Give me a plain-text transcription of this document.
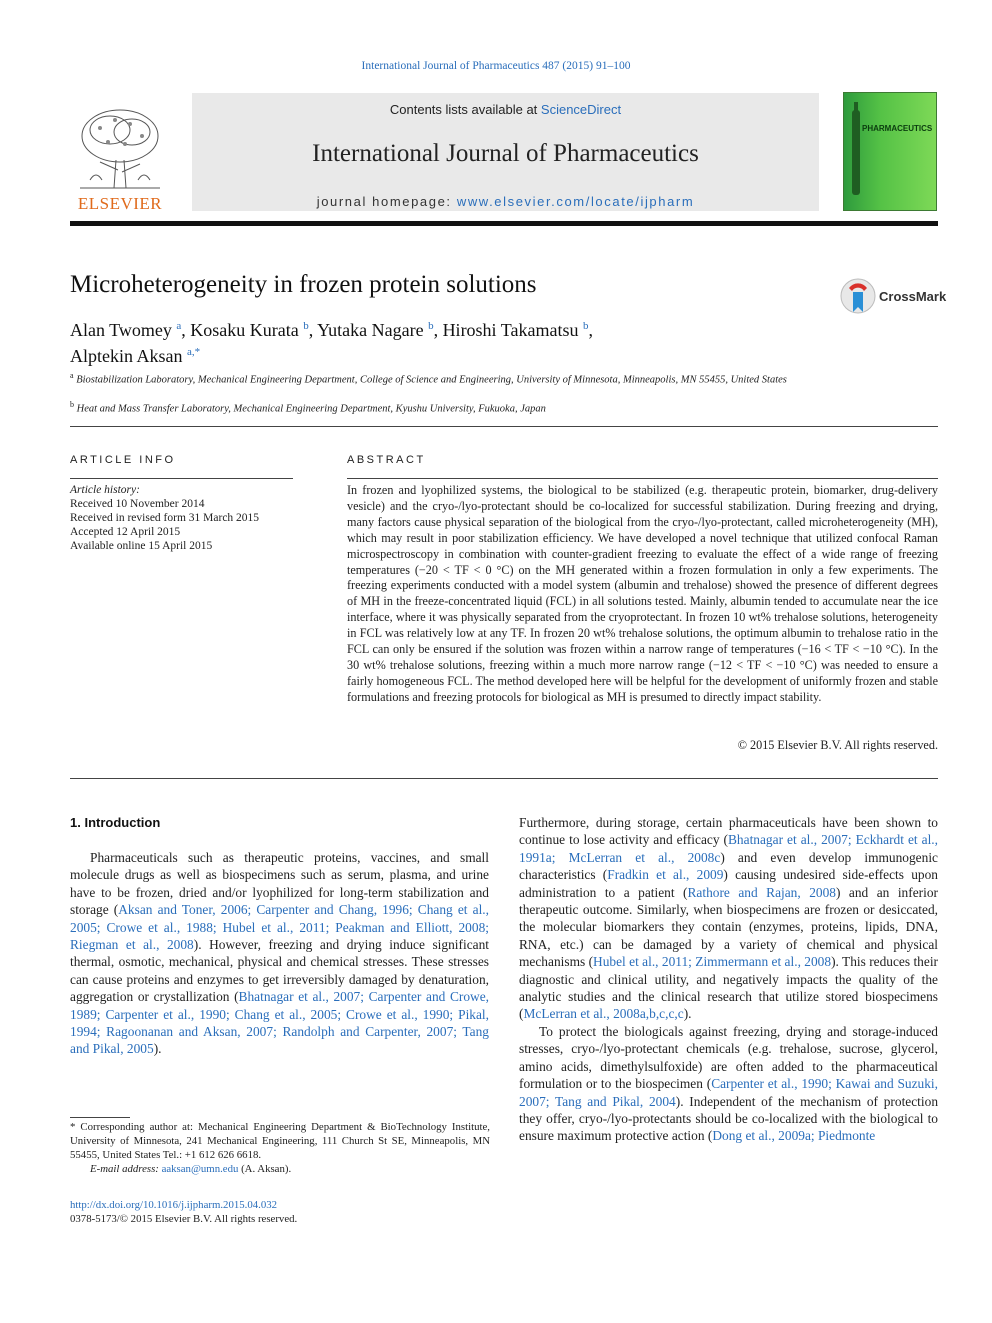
International Journal of Pharmaceutics 487 (2015) 91–100
ELSEVIER
Contents lists available at ScienceDirect
International Journal of Pharmaceutics
journal homepage: www.elsevier.com/locate/ijpharm
PHARMACEUTICS
Microheterogeneity in frozen protein solutions	CrossMark
Alan Twomey $^a$, Kosaku Kurata $^b$, Yutaka Nagare $^b$, Hiroshi Takamatsu $^b$,
Alptekin Aksan $^{a,*}$
$^a$ Biostabilization Laboratory, Mechanical Engineering Department, College of Science and Engineering, University of Minnesota, Minneapolis, MN 55455, United States
$^b$ Heat and Mass Transfer Laboratory, Mechanical Engineering Department, Kyushu University, Fukuoka, Japan
ARTICLE INFO
Article history:
Received 10 November 2014
Received in revised form 31 March 2015
Accepted 12 April 2015
Available online 15 April 2015
ABSTRACT
In frozen and lyophilized systems, the biological to be stabilized (e.g. therapeutic protein, biomarker, drug-delivery vesicle) and the cryo-/lyo-protectant should be co-localized for successful stabilization. During freezing and drying, many factors cause physical separation of the biological from the cryo-/lyo-protectant, called microheterogeneity (MH), which may result in poor stabilization efficiency. We have developed a novel technique that utilized confocal Raman microspectroscopy in combination with counter-gradient freezing to evaluate the effect of a wide range of freezing temperatures (−20 < TF < 0 °C) on the MH generated within a frozen formulation in only a few experiments. The freezing experiments conducted with a model system (albumin and trehalose) showed the presence of different degrees of MH in the freeze-concentrated liquid (FCL) in all solutions tested. Mainly, albumin tended to accumulate near the ice interface, where it was physically separated from the cryoprotectant. In frozen 10 wt% trehalose solutions, heterogeneity in FCL was relatively low at any TF. In frozen 20 wt% trehalose solutions, the optimum albumin to trehalose ratio in the FCL can only be ensured if the solution was frozen within a narrow range of temperatures (−16 < TF < −10 °C). In the 30 wt% trehalose solutions, freezing within a much more narrow range (−12 < TF < −10 °C) was needed to ensure a fairly homogeneous FCL. The method developed here will be helpful for the development of uniformly frozen and stable formulations and freezing protocols for biological as MH is presumed to directly impact stability.
© 2015 Elsevier B.V. All rights reserved.
1. Introduction

Pharmaceuticals such as therapeutic proteins, vaccines, and small molecule drugs as well as biospecimens such as serum, plasma, and urine have to be frozen, dried and/or lyophilized for long-term stabilization and storage (Aksan and Toner, 2006; Carpenter and Chang, 1996; Chang et al., 2005; Crowe et al., 1988; Hubel et al., 2011; Peakman and Elliott, 2008; Riegman et al., 2008). However, freezing and drying induce significant thermal, osmotic, mechanical, physical and chemical stresses. These stresses can cause proteins and enzymes to get irreversibly damaged by denaturation, aggregation or crystallization (Bhatnagar et al., 2007; Carpenter and Crowe, 1989; Carpenter et al., 1990; Chang et al., 2005; Crowe et al., 1990; Pikal, 1994; Ragoonanan and Aksan, 2007; Randolph and Carpenter, 2007; Tang and Pikal, 2005).

Furthermore, during storage, certain pharmaceuticals have been shown to continue to lose activity and efficacy (Bhatnagar et al., 2007; Eckhardt et al., 1991a; McLerran et al., 2008c) and even develop immunogenic characteristics (Fradkin et al., 2009) causing undesired side-effects upon administration to a patient (Rathore and Rajan, 2008) and an inferior therapeutic outcome. Similarly, when biospecimens are frozen or desiccated, the molecular biomarkers they contain (enzymes, proteins, lipids, DNA, RNA, etc.) can be damaged by a variety of chemical and physical mechanisms (Hubel et al., 2011; Zimmermann et al., 2008). This reduces their diagnostic and clinical utility, and negatively impacts the quality of the analytic studies and the clinical research that utilize stored biospecimens (McLerran et al., 2008a,b,c,c,c).

To protect the biologicals against freezing, drying and storage-induced stresses, cryo-/lyo-protectant chemicals (e.g. trehalose, sucrose, glycerol, amino acids, dimethylsulfoxide) are often added to the pharmaceutical formulation or to the biospecimen (Carpenter et al., 1990; Kawai and Suzuki, 2007; Tang and Pikal, 2004). Independent of the mechanism of protection they offer, cryo-/lyo-protectants should be co-localized with the biological to ensure maximum protective action (Dong et al., 2009a; Piedmonte

* Corresponding author at: Mechanical Engineering Department & BioTechnology Institute, University of Minnesota, 241 Mechanical Engineering, 111 Church St SE, Minneapolis, MN 55455, United States Tel.: +1 612 626 6618.
E-mail address: aaksan@umn.edu (A. Aksan).
http://dx.doi.org/10.1016/j.ijpharm.2015.04.032
0378-5173/© 2015 Elsevier B.V. All rights reserved.
